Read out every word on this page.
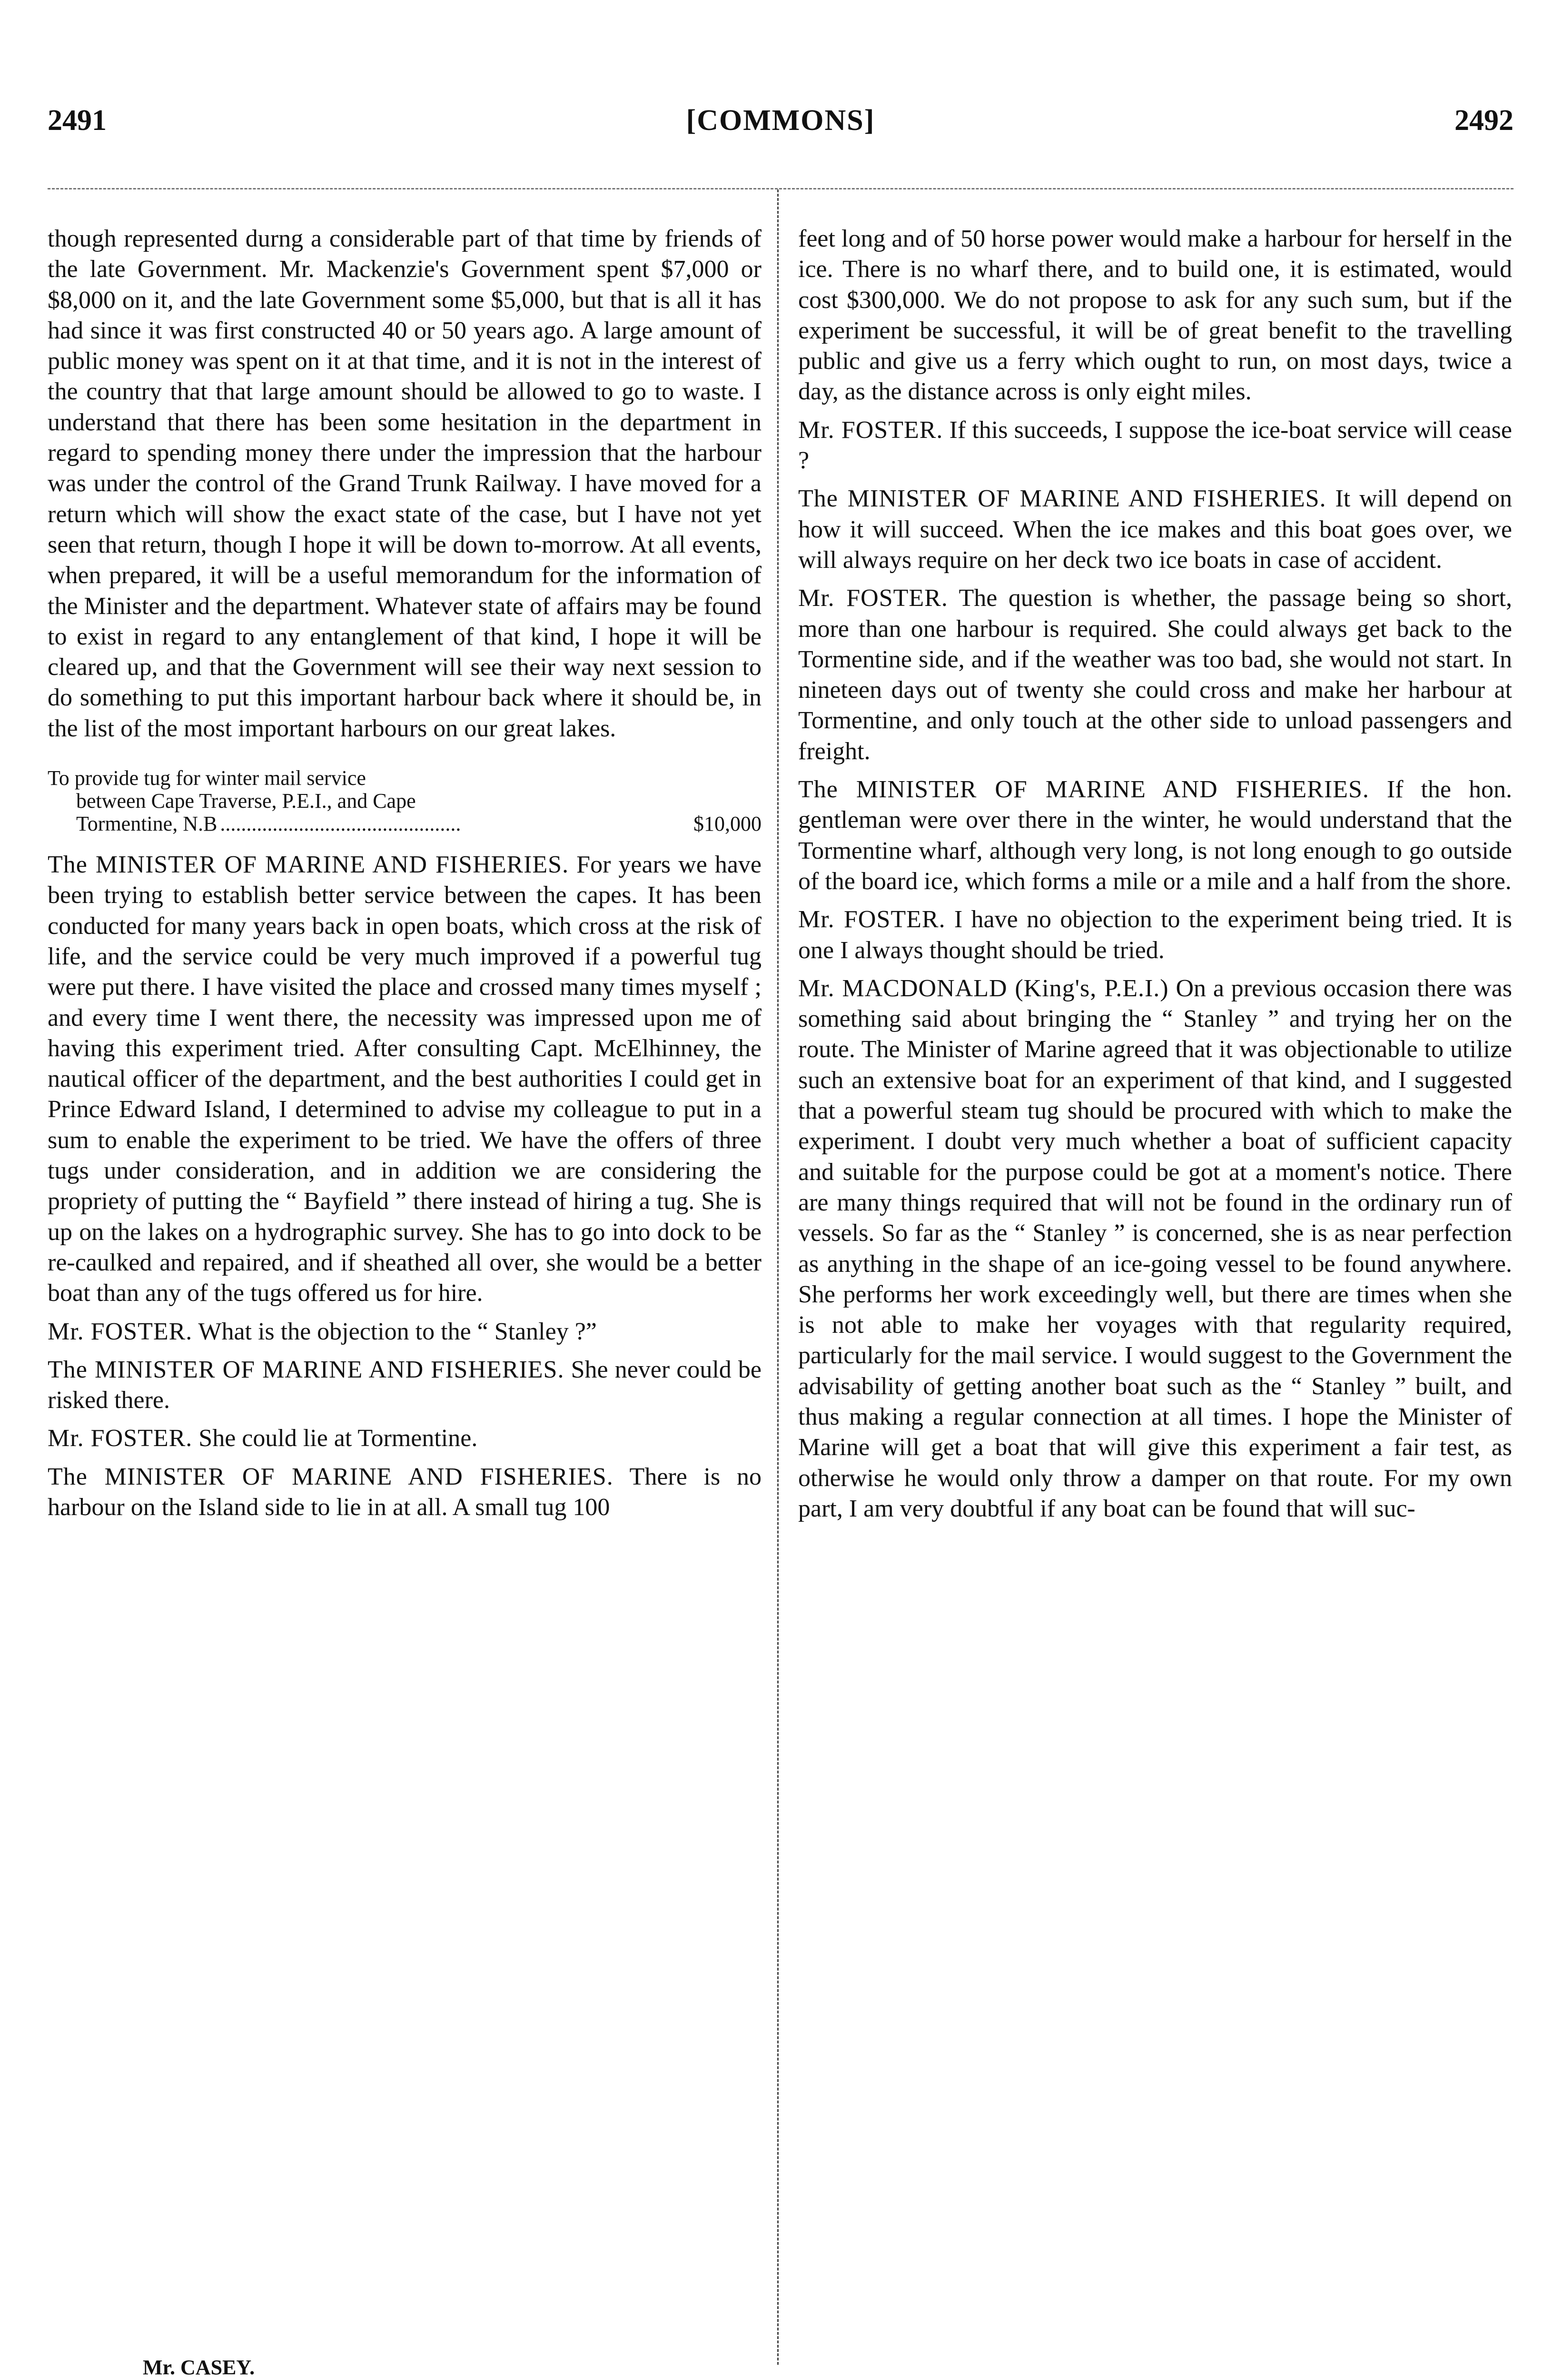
2491	[COMMONS]	2492

though represented durng a considerable part of that time by friends of the late Government. Mr. Mackenzie's Government spent $7,000 or $8,000 on it, and the late Government some $5,000, but that is all it has had since it was first constructed 40 or 50 years ago. A large amount of public money was spent on it at that time, and it is not in the interest of the country that that large amount should be allowed to go to waste. I understand that there has been some hesitation in the department in regard to spending money there under the impression that the harbour was under the control of the Grand Trunk Railway. I have moved for a return which will show the exact state of the case, but I have not yet seen that return, though I hope it will be down to-morrow. At all events, when prepared, it will be a useful memorandum for the information of the Minister and the department. Whatever state of affairs may be found to exist in regard to any entanglement of that kind, I hope it will be cleared up, and that the Government will see their way next session to do something to put this important harbour back where it should be, in the list of the most important harbours on our great lakes.

To provide tug for winter mail service
between Cape Traverse, P.E.I., and Cape
Tormentine, N.B ..............................................	$10,000

The MINISTER OF MARINE AND FISHERIES. For years we have been trying to establish better service between the capes. It has been conducted for many years back in open boats, which cross at the risk of life, and the service could be very much improved if a powerful tug were put there. I have visited the place and crossed many times myself ; and every time I went there, the necessity was impressed upon me of having this experiment tried. After consulting Capt. McElhinney, the nautical officer of the department, and the best authorities I could get in Prince Edward Island, I determined to advise my colleague to put in a sum to enable the experiment to be tried. We have the offers of three tugs under consideration, and in addition we are considering the propriety of putting the “ Bayfield ” there instead of hiring a tug. She is up on the lakes on a hydrographic survey. She has to go into dock to be re-caulked and repaired, and if sheathed all over, she would be a better boat than any of the tugs offered us for hire.

Mr. FOSTER. What is the objection to the “ Stanley ?”

The MINISTER OF MARINE AND FISHERIES. She never could be risked there.

Mr. FOSTER. She could lie at Tormentine.

The MINISTER OF MARINE AND FISHERIES. There is no harbour on the Island side to lie in at all. A small tug 100

feet long and of 50 horse power would make a harbour for herself in the ice. There is no wharf there, and to build one, it is estimated, would cost $300,000. We do not propose to ask for any such sum, but if the experiment be successful, it will be of great benefit to the travelling public and give us a ferry which ought to run, on most days, twice a day, as the distance across is only eight miles.

Mr. FOSTER. If this succeeds, I suppose the ice-boat service will cease ?

The MINISTER OF MARINE AND FISHERIES. It will depend on how it will succeed. When the ice makes and this boat goes over, we will always require on her deck two ice boats in case of accident.

Mr. FOSTER. The question is whether, the passage being so short, more than one harbour is required. She could always get back to the Tormentine side, and if the weather was too bad, she would not start. In nineteen days out of twenty she could cross and make her harbour at Tormentine, and only touch at the other side to unload passengers and freight.

The MINISTER OF MARINE AND FISHERIES. If the hon. gentleman were over there in the winter, he would understand that the Tormentine wharf, although very long, is not long enough to go outside of the board ice, which forms a mile or a mile and a half from the shore.

Mr. FOSTER. I have no objection to the experiment being tried. It is one I always thought should be tried.

Mr. MACDONALD (King's, P.E.I.) On a previous occasion there was something said about bringing the “ Stanley ” and trying her on the route. The Minister of Marine agreed that it was objectionable to utilize such an extensive boat for an experiment of that kind, and I suggested that a powerful steam tug should be procured with which to make the experiment. I doubt very much whether a boat of sufficient capacity and suitable for the purpose could be got at a moment's notice. There are many things required that will not be found in the ordinary run of vessels. So far as the “ Stanley ” is concerned, she is as near perfection as anything in the shape of an ice-going vessel to be found anywhere. She performs her work exceedingly well, but there are times when she is not able to make her voyages with that regularity required, particularly for the mail service. I would suggest to the Government the advisability of getting another boat such as the “ Stanley ” built, and thus making a regular connection at all times. I hope the Minister of Marine will get a boat that will give this experiment a fair test, as otherwise he would only throw a damper on that route. For my own part, I am very doubtful if any boat can be found that will suc-

Mr. CASEY.
